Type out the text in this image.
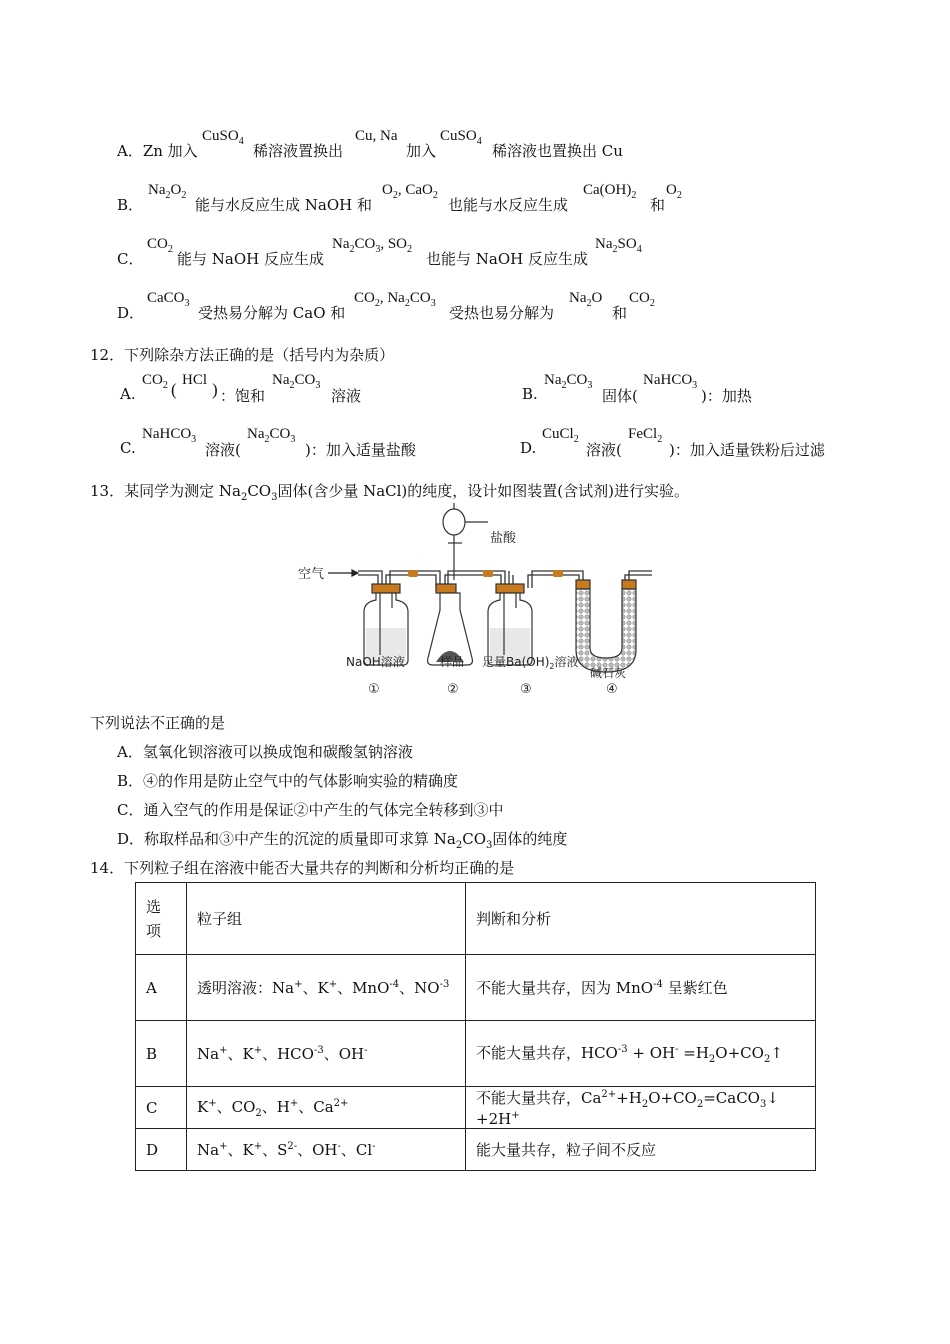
A．Zn 加入
CuSO$_4$
稀溶液置换出
Cu, Na
加入
CuSO$_4$
稀溶液也置换出 Cu
B．
$Na_2O_2$
能与水反应生成 NaOH 和
$O_2$, CaO$_2$
也能与水反应生成
$Ca(OH)_2$
和
$O_2$
C．
$CO_2$
能与 NaOH 反应生成
$Na_2CO_3$, $SO_2$
也能与 NaOH 反应生成
$Na_2SO_4$
D．
CaCO$_3$
受热易分解为 CaO 和
$CO_2$, $Na_2CO_3$
受热也易分解为
$Na_2O$
和
$CO_2$
12．下列除杂方法正确的是（括号内为杂质）
A.
$CO_2$ ( HCl ) ：饱和
$Na_2CO_3$
溶液	B.
$Na_2CO_3$
固体(
NaHCO$_3$
)：加热
C.
NaHCO$_3$
溶液(
$Na_2CO_3$
)：加入适量盐酸	D.
CuCl$_2$
溶液(
FeCl$_2$
)：加入适量铁粉后过滤
13．某同学为测定 $Na_2CO_3$固体(含少量 NaCl)的纯度，设计如图装置(含试剂)进行实验。
空气
盐酸
NaOH溶液	样品 足量$Ba(OH)_2$溶液
碱石灰
①	②	③	④
下列说法不正确的是
A．氢氧化钡溶液可以换成饱和碳酸氢钠溶液
B．④的作用是防止空气中的气体影响实验的精确度
C．通入空气的作用是保证②中产生的气体完全转移到③中
D．称取样品和③中产生的沉淀的质量即可求算 $Na_2CO_3$固体的纯度
14．下列粒子组在溶液中能否大量共存的判断和分析均正确的是
选
项	粒子组	判断和分析
A	透明溶液：Na+、K+、MnO$^{-4}$、$NO^{-3}$	不能大量共存，因为 MnO$^{-4}$ 呈紫红色
B	Na+、K+、$HCO^{-3}$、OH-	不能大量共存，$HCO^{-3} + OH^-$ $=H_2O+CO_2↑$
C	K+、$CO_2$、H+、$Ca^{2+}$	不能大量共存，$Ca^{2+}+H_2O+CO_2=CaCO_3↓ +2H^+$
D	Na+、K+、$S^{2-}$、OH-、Cl-	能大量共存，粒子间不反应
